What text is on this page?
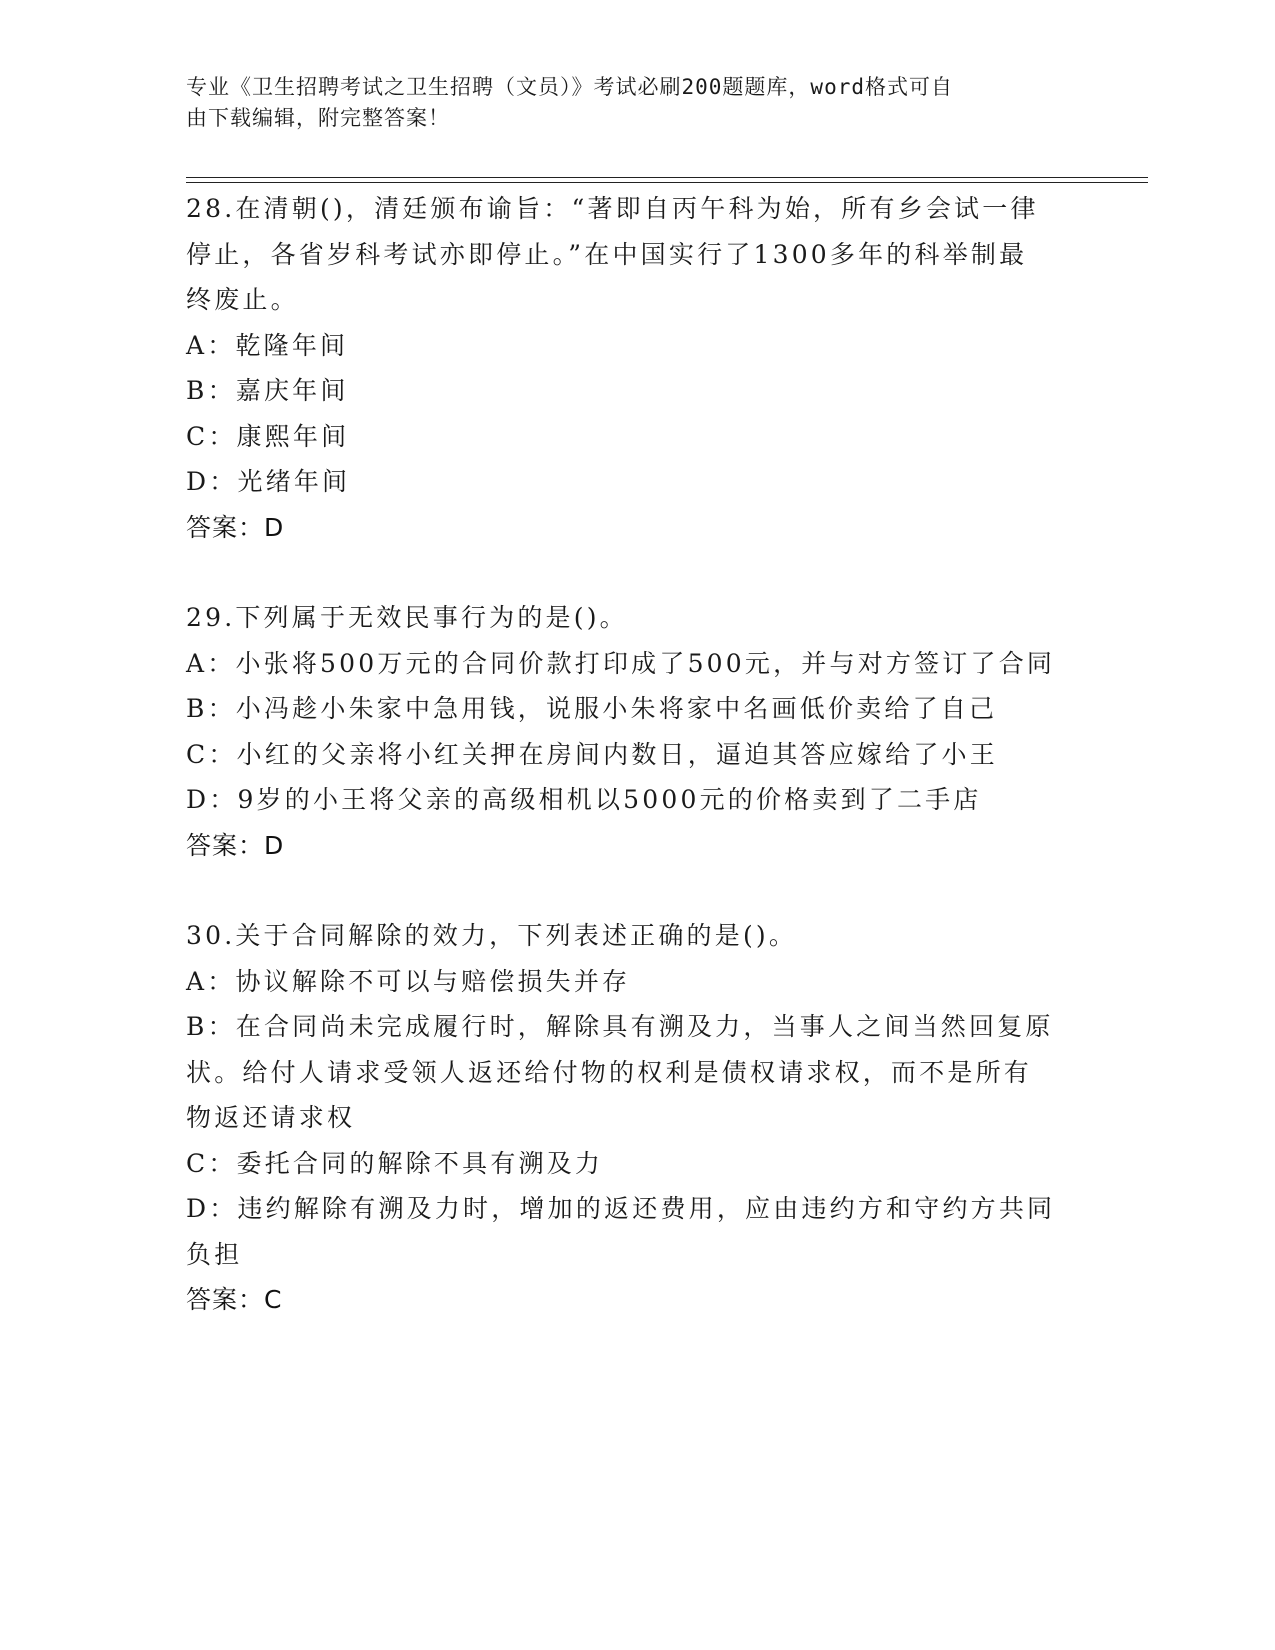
专业《卫生招聘考试之卫生招聘（文员）》考试必刷200题题库，word格式可自
由下载编辑，附完整答案！
28.在清朝()，清廷颁布谕旨：“著即自丙午科为始，所有乡会试一律
停止，各省岁科考试亦即停止。”在中国实行了1300多年的科举制最
终废止。
A：乾隆年间
B：嘉庆年间
C：康熙年间
D：光绪年间
答案：D
29.下列属于无效民事行为的是()。
A：小张将500万元的合同价款打印成了500元，并与对方签订了合同
B：小冯趁小朱家中急用钱，说服小朱将家中名画低价卖给了自己
C：小红的父亲将小红关押在房间内数日，逼迫其答应嫁给了小王
D：9岁的小王将父亲的高级相机以5000元的价格卖到了二手店
答案：D
30.关于合同解除的效力，下列表述正确的是()。
A：协议解除不可以与赔偿损失并存
B：在合同尚未完成履行时，解除具有溯及力，当事人之间当然回复原
状。给付人请求受领人返还给付物的权利是债权请求权，而不是所有
物返还请求权
C：委托合同的解除不具有溯及力
D：违约解除有溯及力时，增加的返还费用，应由违约方和守约方共同
负担
答案：C
